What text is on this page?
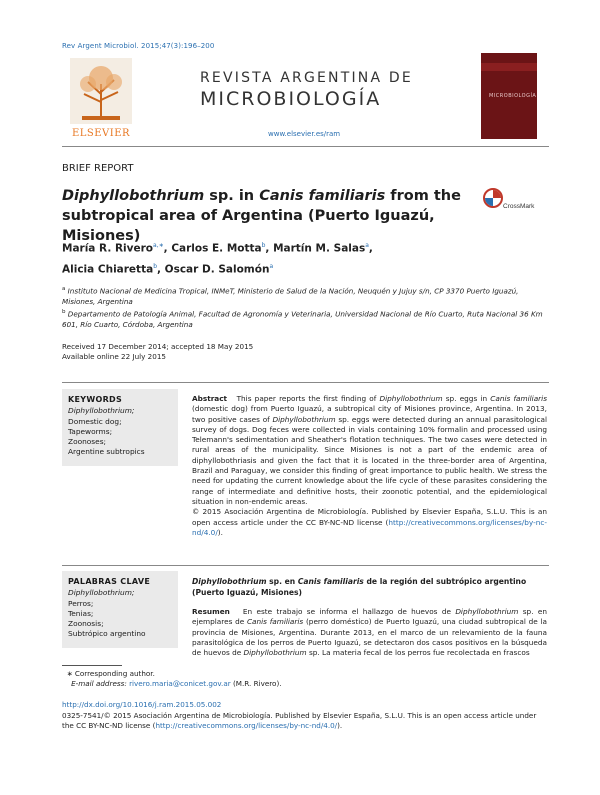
Rev Argent Microbiol. 2015;47(3):196–200
ELSEVIER
REVISTA ARGENTINA DE
MICROBIOLOGÍA
www.elsevier.es/ram
MICROBIOLOGÍA
BRIEF REPORT
Diphyllobothrium sp. in Canis familiaris from the subtropical area of Argentina (Puerto Iguazú, Misiones)
CrossMark
María R. Rivero$^{a,∗}$, Carlos E. Motta$^b$, Martín M. Salas$^a$,
Alicia Chiaretta$^b$, Oscar D. Salomón$^a$
$^a$ Instituto Nacional de Medicina Tropical, INMeT, Ministerio de Salud de la Nación, Neuquén y Jujuy s/n, CP 3370 Puerto Iguazú, Misiones, Argentina
$^b$ Departamento de Patología Animal, Facultad de Agronomía y Veterinaria, Universidad Nacional de Río Cuarto, Ruta Nacional 36 Km 601, Río Cuarto, Córdoba, Argentina
Received 17 December 2014; accepted 18 May 2015
Available online 22 July 2015
KEYWORDS
Diphyllobothrium;
Domestic dog;
Tapeworms;
Zoonoses;
Argentine subtropics
Abstract This paper reports the first finding of Diphyllobothrium sp. eggs in Canis familiaris (domestic dog) from Puerto Iguazú, a subtropical city of Misiones province, Argentina. In 2013, two positive cases of Diphyllobothrium sp. eggs were detected during an annual parasitological survey of dogs. Dog feces were collected in vials containing 10% formalin and processed using Telemann's sedimentation and Sheather's flotation techniques. The two cases were detected in rural areas of the municipality. Since Misiones is not a part of the endemic area of diphyllobothriasis and given the fact that it is located in the three-border area of Argentina, Brazil and Paraguay, we consider this finding of great importance to public health. We stress the need for updating the current knowledge about the life cycle of these parasites considering the range of intermediate and definitive hosts, their zoonotic potential, and the epidemiological situation in non-endemic areas.
© 2015 Asociación Argentina de Microbiología. Published by Elsevier España, S.L.U. This is an open access article under the CC BY-NC-ND license (http://creativecommons.org/licenses/by-nc-nd/4.0/).
PALABRAS CLAVE
Diphyllobothrium;
Perros;
Tenias;
Zoonosis;
Subtrópico argentino
Diphyllobothrium sp. en Canis familiaris de la región del subtrópico argentino (Puerto Iguazú, Misiones)
Resumen En este trabajo se informa el hallazgo de huevos de Diphyllobothrium sp. en ejemplares de Canis familiaris (perro doméstico) de Puerto Iguazú, una ciudad subtropical de la provincia de Misiones, Argentina. Durante 2013, en el marco de un relevamiento de la fauna parasitológica de los perros de Puerto Iguazú, se detectaron dos casos positivos en la búsqueda de huevos de Diphyllobothrium sp. La materia fecal de los perros fue recolectada en frascos
∗ Corresponding author.
E-mail address: rivero.maria@conicet.gov.ar (M.R. Rivero).
http://dx.doi.org/10.1016/j.ram.2015.05.002
0325-7541/© 2015 Asociación Argentina de Microbiología. Published by Elsevier España, S.L.U. This is an open access article under the CC BY-NC-ND license (http://creativecommons.org/licenses/by-nc-nd/4.0/).
